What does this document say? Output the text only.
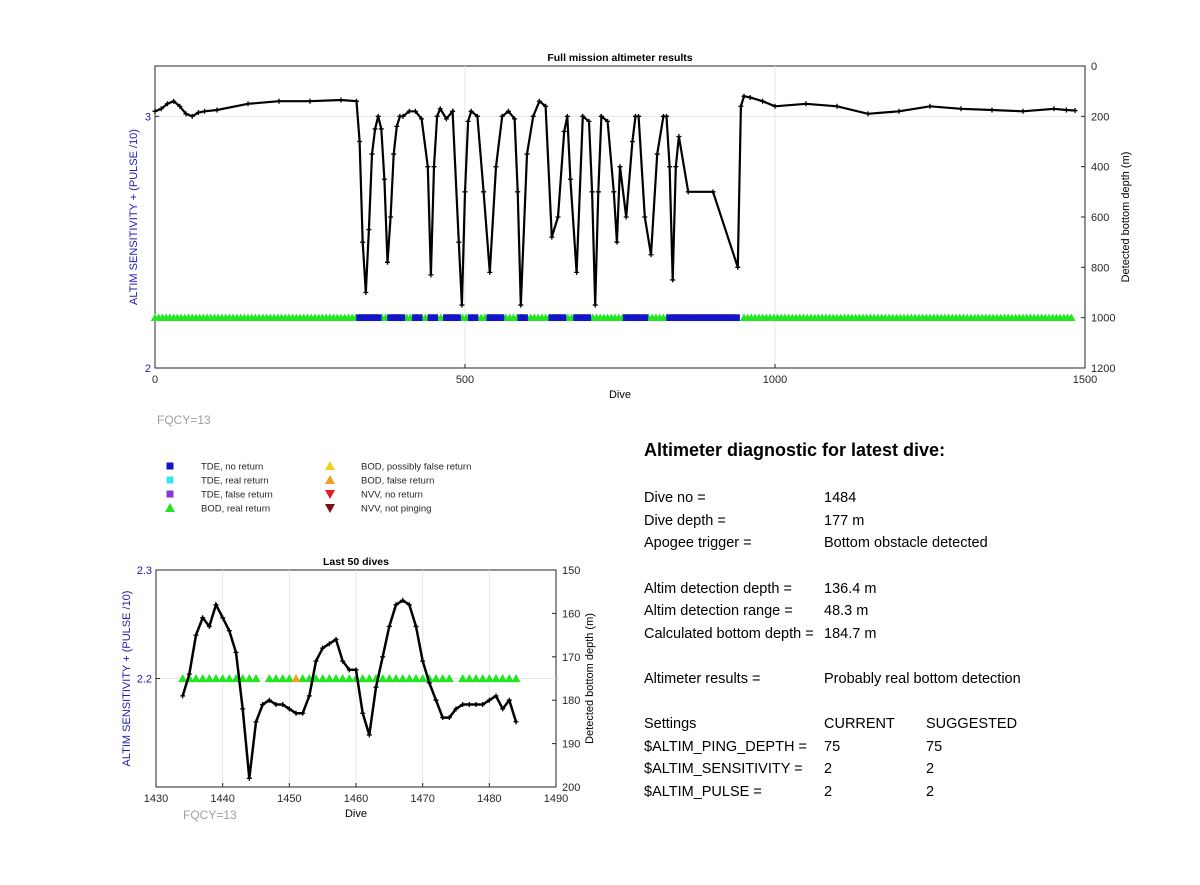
0	500	1000	1500
2
3
0
200
400
600
800
1000
1200
Full mission altimeter results
Dive
ALTIM SENSITIVITY + (PULSE /10)	Detected bottom depth (m)
FQCY=13
TDE, no return
TDE, real return
TDE, false return
BOD, real return
BOD, possibly false return
BOD, false return
NVV, no return
NVV, not pinging
1430	1440	1450	1460	1470	1480	1490
2.2
2.3	150
160
170
180
190
200
Last 50 dives
Dive
ALTIM SENSITIVITY + (PULSE /10)	Detected bottom depth (m)
FQCY=13
Altimeter diagnostic for latest dive:
Dive no =	1484
Dive depth =	177 m
Apogee trigger =	Bottom obstacle detected
Altim detection depth =	136.4 m
Altim detection range =	48.3 m
Calculated bottom depth = 184.7 m
Altimeter results =	Probably real bottom detection
Settings	CURRENT	SUGGESTED
$ALTIM_PING_DEPTH =	75	75
$ALTIM_SENSITIVITY =	2	2
$ALTIM_PULSE =	2	2
